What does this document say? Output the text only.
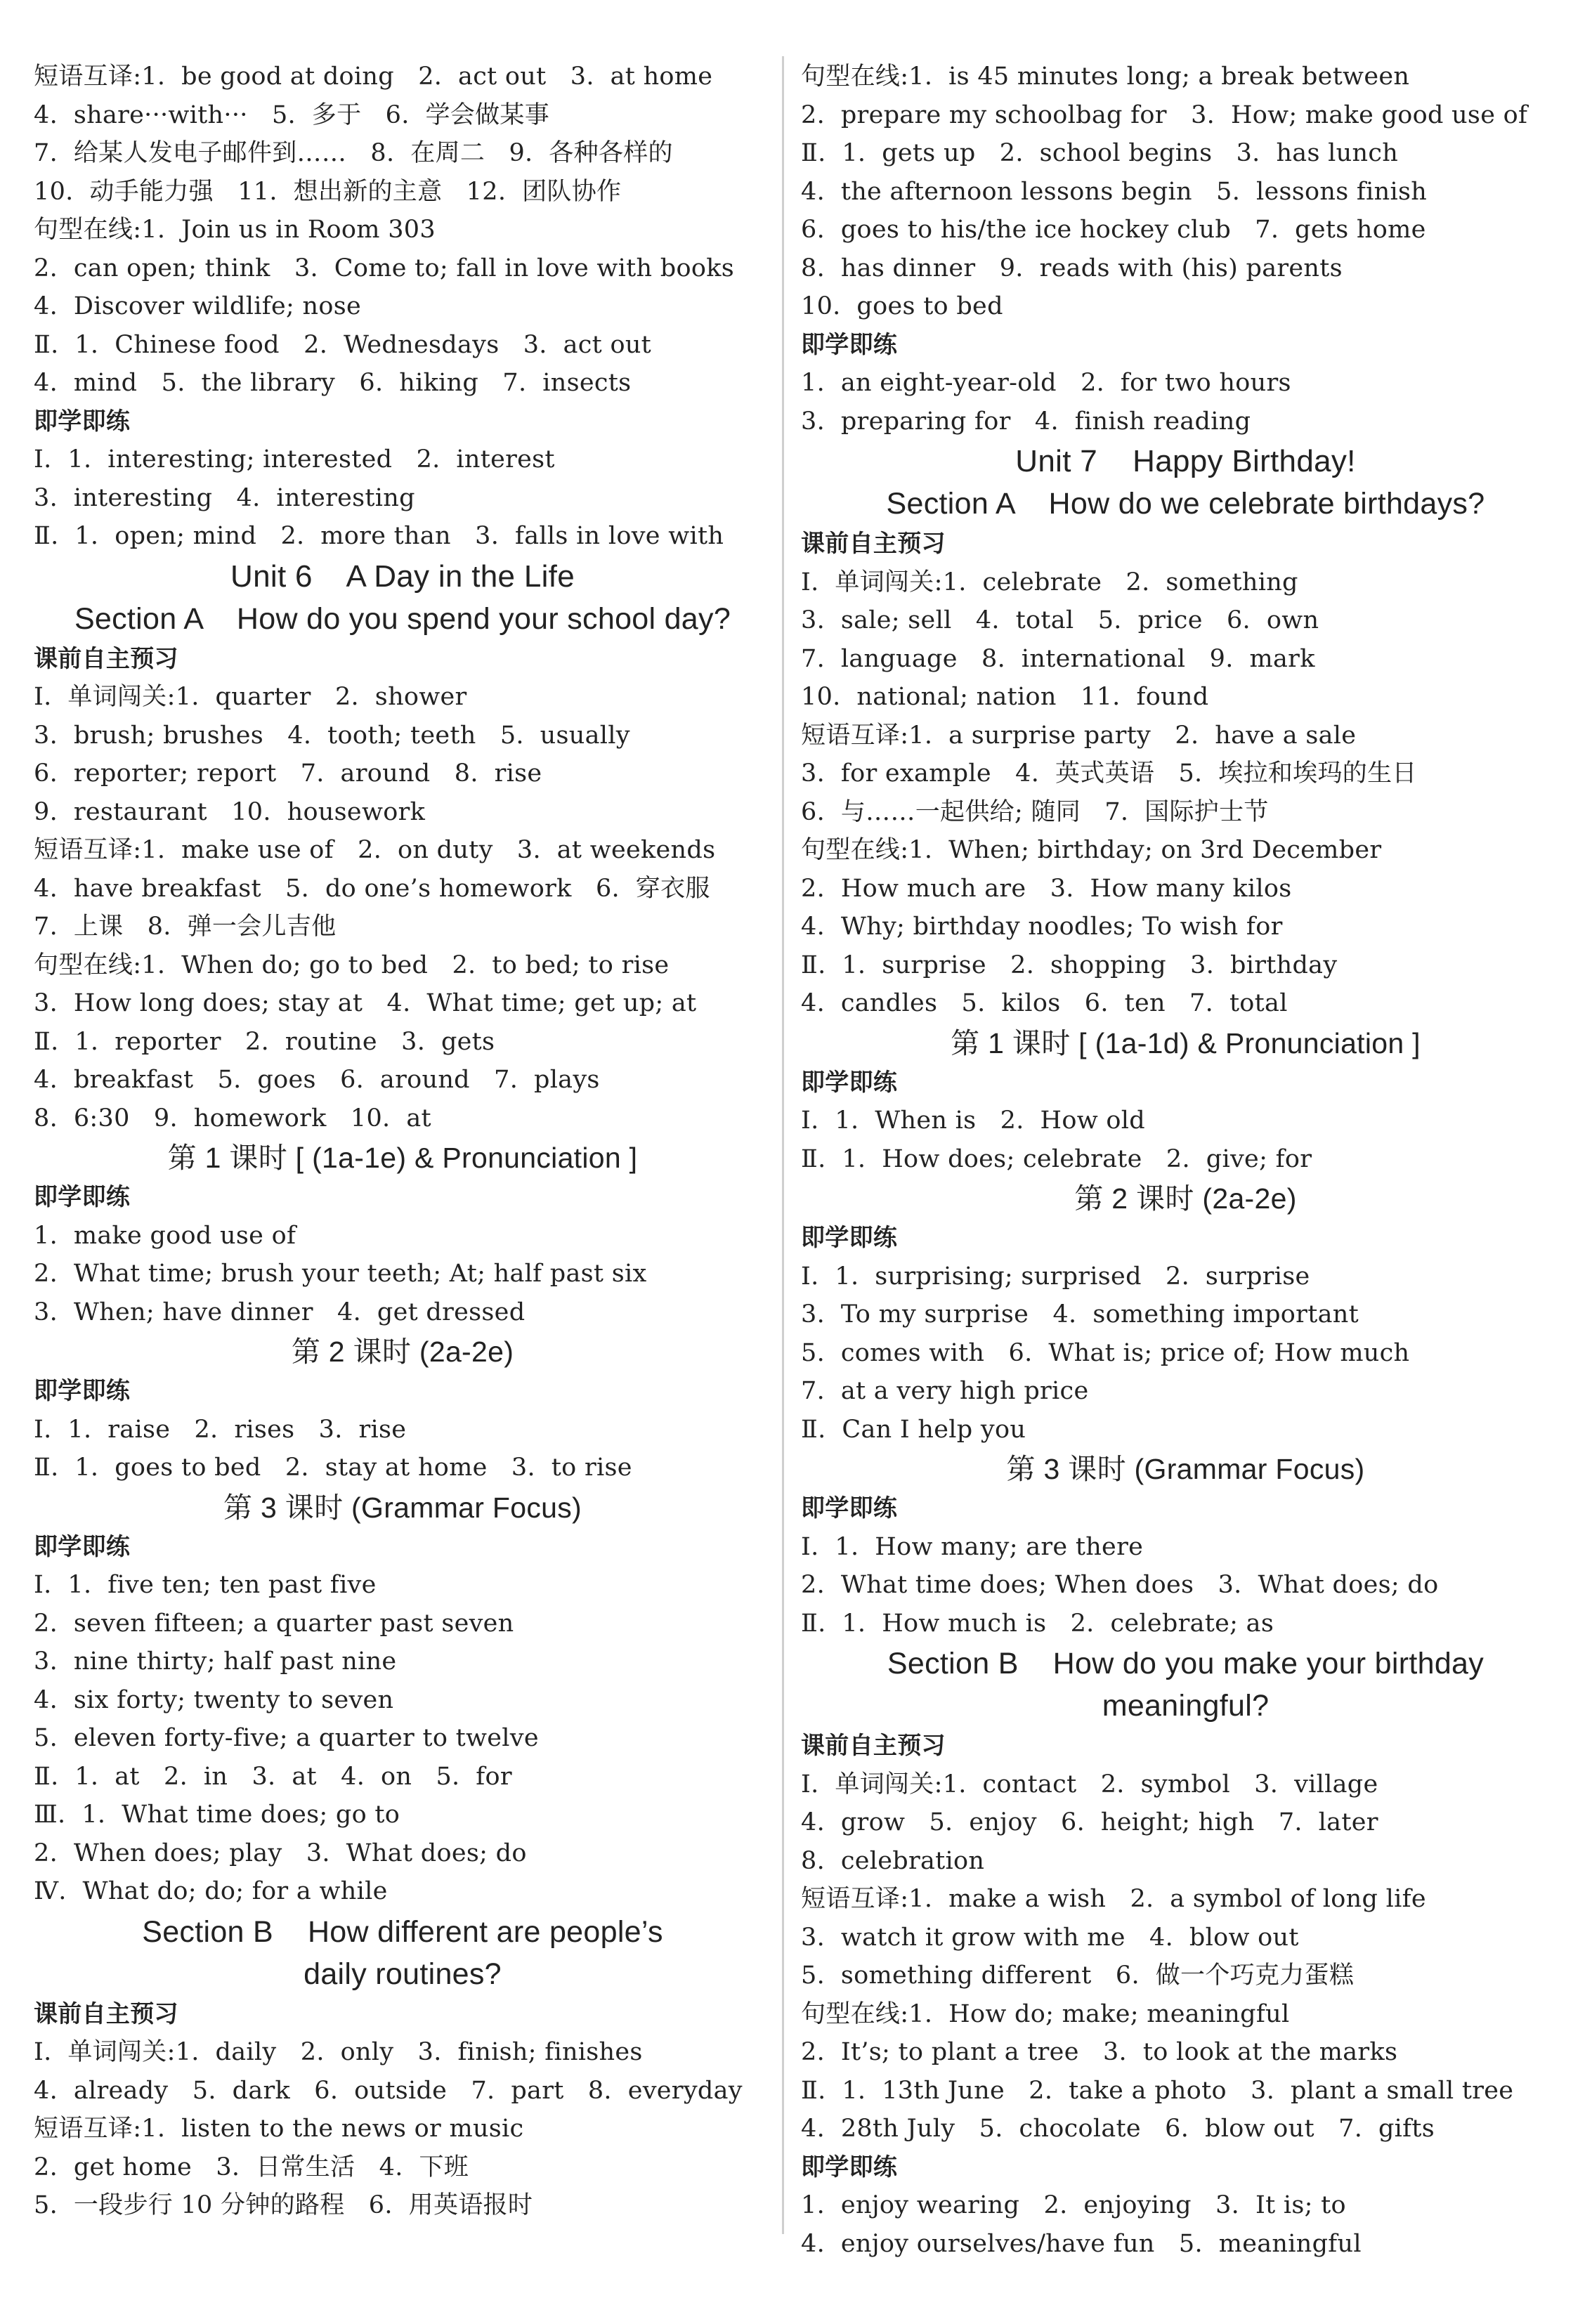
短语互译:1.  be good at doing   2.  act out   3.  at home
4.  share···with···   5.  多于   6.  学会做某事
7.  给某人发电子邮件到……   8.  在周二   9.  各种各样的
10.  动手能力强   11.  想出新的主意   12.  团队协作
句型在线:1.  Join us in Room 303
2.  can open; think   3.  Come to; fall in love with books
4.  Discover wildlife; nose
Ⅱ.  1.  Chinese food   2.  Wednesdays   3.  act out
4.  mind   5.  the library   6.  hiking   7.  insects
即学即练
Ⅰ.  1.  interesting; interested   2.  interest
3.  interesting   4.  interesting
Ⅱ.  1.  open; mind   2.  more than   3.  falls in love with
Unit 6    A Day in the Life
Section A    How do you spend your school day?
课前自主预习
Ⅰ.  单词闯关:1.  quarter   2.  shower
3.  brush; brushes   4.  tooth; teeth   5.  usually
6.  reporter; report   7.  around   8.  rise
9.  restaurant   10.  housework
短语互译:1.  make use of   2.  on duty   3.  at weekends
4.  have breakfast   5.  do one’s homework   6.  穿衣服
7.  上课   8.  弹一会儿吉他
句型在线:1.  When do; go to bed   2.  to bed; to rise
3.  How long does; stay at   4.  What time; get up; at
Ⅱ.  1.  reporter   2.  routine   3.  gets
4.  breakfast   5.  goes   6.  around   7.  plays
8.  6:30   9.  homework   10.  at
第 1 课时 [ (1a-1e) & Pronunciation ]
即学即练
1.  make good use of
2.  What time; brush your teeth; At; half past six
3.  When; have dinner   4.  get dressed
第 2 课时 (2a-2e)
即学即练
Ⅰ.  1.  raise   2.  rises   3.  rise
Ⅱ.  1.  goes to bed   2.  stay at home   3.  to rise
第 3 课时 (Grammar Focus)
即学即练
Ⅰ.  1.  five ten; ten past five
2.  seven fifteen; a quarter past seven
3.  nine thirty; half past nine
4.  six forty; twenty to seven
5.  eleven forty-five; a quarter to twelve
Ⅱ.  1.  at   2.  in   3.  at   4.  on   5.  for
Ⅲ.  1.  What time does; go to
2.  When does; play   3.  What does; do
Ⅳ.  What do; do; for a while
Section B    How different are people’s
daily routines?
课前自主预习
Ⅰ.  单词闯关:1.  daily   2.  only   3.  finish; finishes
4.  already   5.  dark   6.  outside   7.  part   8.  everyday
短语互译:1.  listen to the news or music
2.  get home   3.  日常生活   4.  下班
5.  一段步行 10 分钟的路程   6.  用英语报时
句型在线:1.  is 45 minutes long; a break between
2.  prepare my schoolbag for   3.  How; make good use of
Ⅱ.  1.  gets up   2.  school begins   3.  has lunch
4.  the afternoon lessons begin   5.  lessons finish
6.  goes to his/the ice hockey club   7.  gets home
8.  has dinner   9.  reads with (his) parents
10.  goes to bed
即学即练
1.  an eight-year-old   2.  for two hours
3.  preparing for   4.  finish reading
Unit 7    Happy Birthday!
Section A    How do we celebrate birthdays?
课前自主预习
Ⅰ.  单词闯关:1.  celebrate   2.  something
3.  sale; sell   4.  total   5.  price   6.  own
7.  language   8.  international   9.  mark
10.  national; nation   11.  found
短语互译:1.  a surprise party   2.  have a sale
3.  for example   4.  英式英语   5.  埃拉和埃玛的生日
6.  与……一起供给; 随同   7.  国际护士节
句型在线:1.  When; birthday; on 3rd December
2.  How much are   3.  How many kilos
4.  Why; birthday noodles; To wish for
Ⅱ.  1.  surprise   2.  shopping   3.  birthday
4.  candles   5.  kilos   6.  ten   7.  total
第 1 课时 [ (1a-1d) & Pronunciation ]
即学即练
Ⅰ.  1.  When is   2.  How old
Ⅱ.  1.  How does; celebrate   2.  give; for
第 2 课时 (2a-2e)
即学即练
Ⅰ.  1.  surprising; surprised   2.  surprise
3.  To my surprise   4.  something important
5.  comes with   6.  What is; price of; How much
7.  at a very high price
Ⅱ.  Can I help you
第 3 课时 (Grammar Focus)
即学即练
Ⅰ.  1.  How many; are there
2.  What time does; When does   3.  What does; do
Ⅱ.  1.  How much is   2.  celebrate; as
Section B    How do you make your birthday
meaningful?
课前自主预习
Ⅰ.  单词闯关:1.  contact   2.  symbol   3.  village
4.  grow   5.  enjoy   6.  height; high   7.  later
8.  celebration
短语互译:1.  make a wish   2.  a symbol of long life
3.  watch it grow with me   4.  blow out
5.  something different   6.  做一个巧克力蛋糕
句型在线:1.  How do; make; meaningful
2.  It’s; to plant a tree   3.  to look at the marks
Ⅱ.  1.  13th June   2.  take a photo   3.  plant a small tree
4.  28th July   5.  chocolate   6.  blow out   7.  gifts
即学即练
1.  enjoy wearing   2.  enjoying   3.  It is; to
4.  enjoy ourselves/have fun   5.  meaningful
